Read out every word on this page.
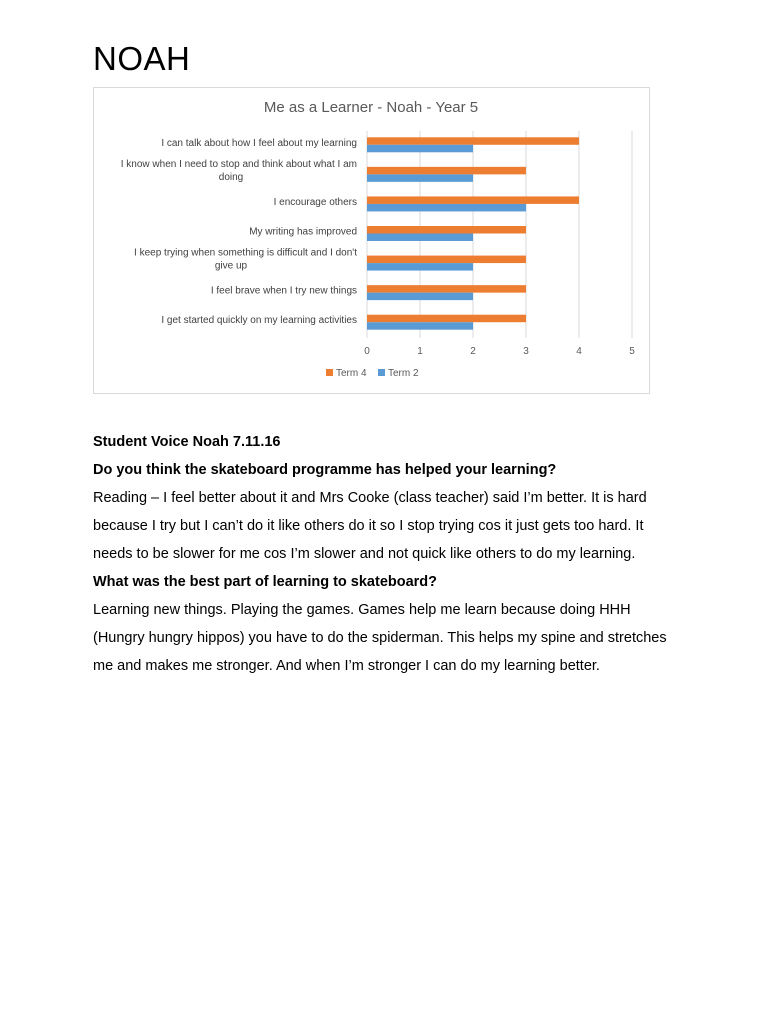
NOAH
Me as a Learner - Noah - Year 5
0	1	2	3	4	5
I can talk about how I feel about my learning
I know when I need to stop and think about what I am
doing
I encourage others
My writing has improved
I keep trying when something is difficult and I don't
give up
I feel brave when I try new things
I get started quickly on my learning activities
Term 4 Term 2

Student Voice Noah 7.11.16

Do you think the skateboard programme has helped your learning?

Reading – I feel better about it and Mrs Cooke (class teacher) said I’m better. It is hard because I try but I can’t do it like others do it so I stop trying cos it just gets too hard. It needs to be slower for me cos I’m slower and not quick like others to do my learning.

What was the best part of learning to skateboard?

Learning new things. Playing the games. Games help me learn because doing HHH (Hungry hungry hippos) you have to do the spiderman. This helps my spine and stretches me and makes me stronger. And when I’m stronger I can do my learning better.
